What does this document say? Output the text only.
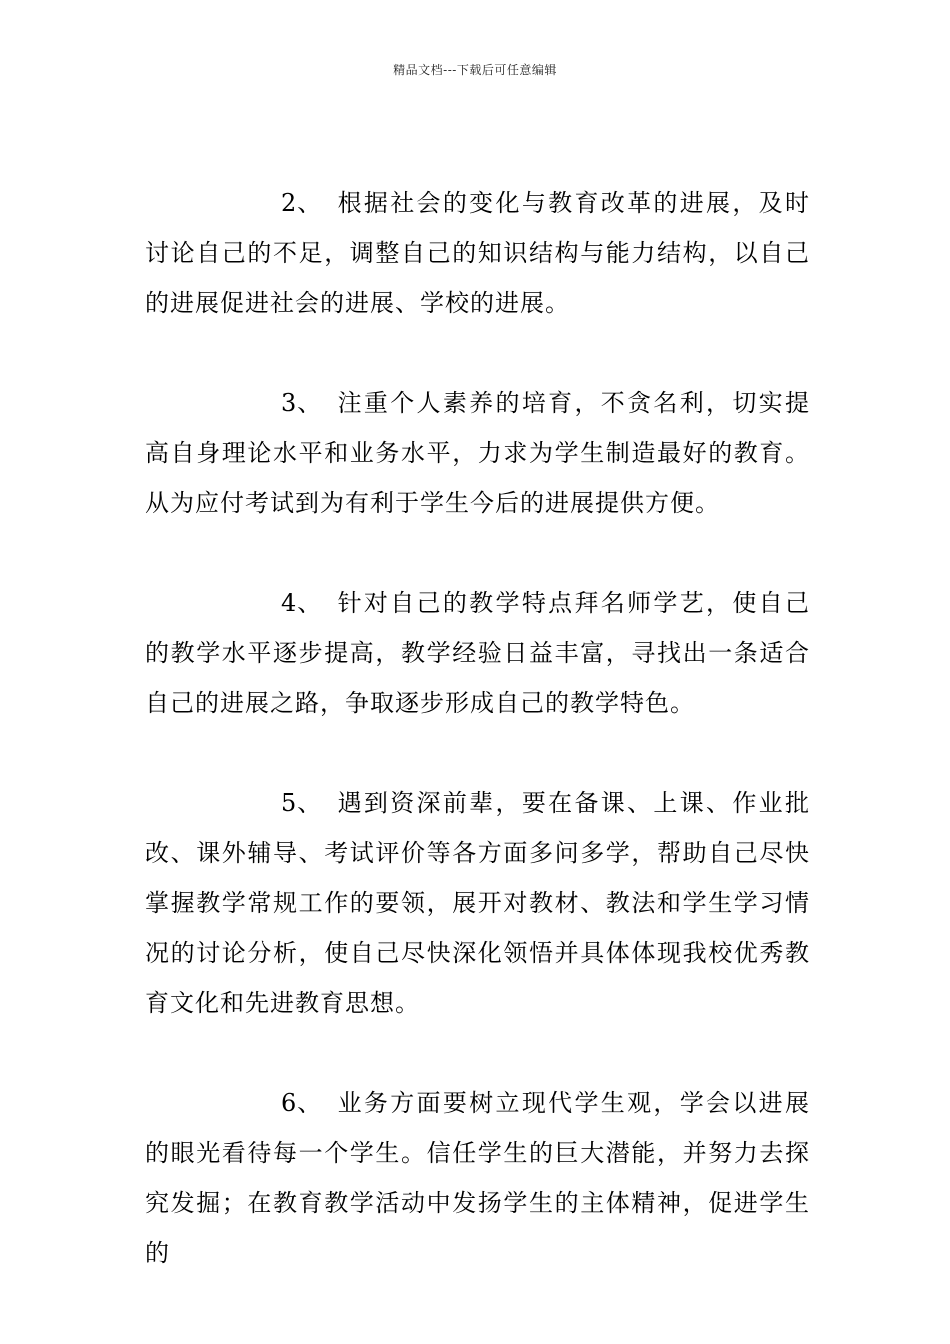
精品文档---下载后可任意编辑

2、 根据社会的变化与教育改革的进展，及时讨论自己的不足，调整自己的知识结构与能力结构，以自己的进展促进社会的进展、学校的进展。

3、 注重个人素养的培育，不贪名利，切实提高自身理论水平和业务水平，力求为学生制造最好的教育。从为应付考试到为有利于学生今后的进展提供方便。

4、 针对自己的教学特点拜名师学艺，使自己的教学水平逐步提高，教学经验日益丰富，寻找出一条适合自己的进展之路，争取逐步形成自己的教学特色。

5、 遇到资深前辈，要在备课、上课、作业批改、课外辅导、考试评价等各方面多问多学，帮助自己尽快掌握教学常规工作的要领，展开对教材、教法和学生学习情况的讨论分析，使自己尽快深化领悟并具体体现我校优秀教育文化和先进教育思想。

6、 业务方面要树立现代学生观，学会以进展的眼光看待每一个学生。信任学生的巨大潜能，并努力去探究发掘；在教育教学活动中发扬学生的主体精神，促进学生的
